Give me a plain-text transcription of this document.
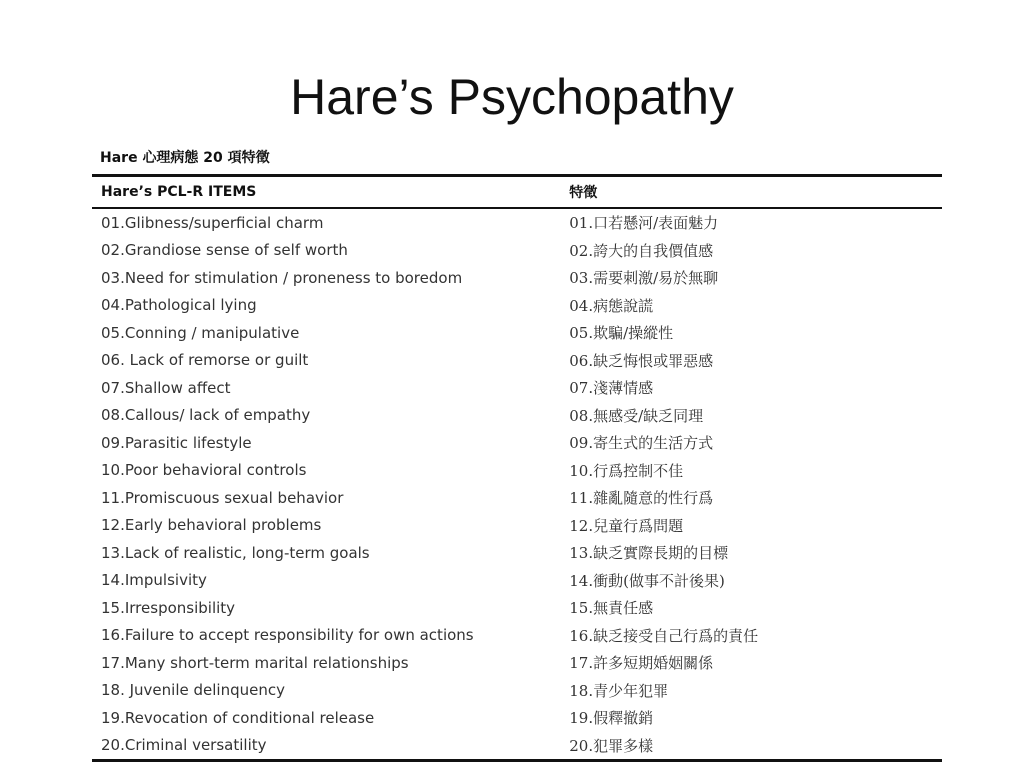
Hare’s Psychopathy
Hare 心理病態 20 項特徵
Hare’s PCL-R ITEMS	特徵
01.Glibness/superficial charm	01.口若懸河/表面魅力
02.Grandiose sense of self worth	02.誇大的自我價值感
03.Need for stimulation / proneness to boredom	03.需要刺激/易於無聊
04.Pathological lying	04.病態說謊
05.Conning / manipulative	05.欺騙/操縱性
06. Lack of remorse or guilt	06.缺乏悔恨或罪惡感
07.Shallow affect	07.淺薄情感
08.Callous/ lack of empathy	08.無感受/缺乏同理
09.Parasitic lifestyle	09.寄生式的生活方式
10.Poor behavioral controls	10.行爲控制不佳
11.Promiscuous sexual behavior	11.雜亂隨意的性行爲
12.Early behavioral problems	12.兒童行爲問題
13.Lack of realistic, long-term goals	13.缺乏實際長期的目標
14.Impulsivity	14.衝動(做事不計後果)
15.Irresponsibility	15.無責任感
16.Failure to accept responsibility for own actions	16.缺乏接受自己行爲的責任
17.Many short-term marital relationships	17.許多短期婚姻關係
18. Juvenile delinquency	18.青少年犯罪
19.Revocation of conditional release	19.假釋撤銷
20.Criminal versatility	20.犯罪多樣
